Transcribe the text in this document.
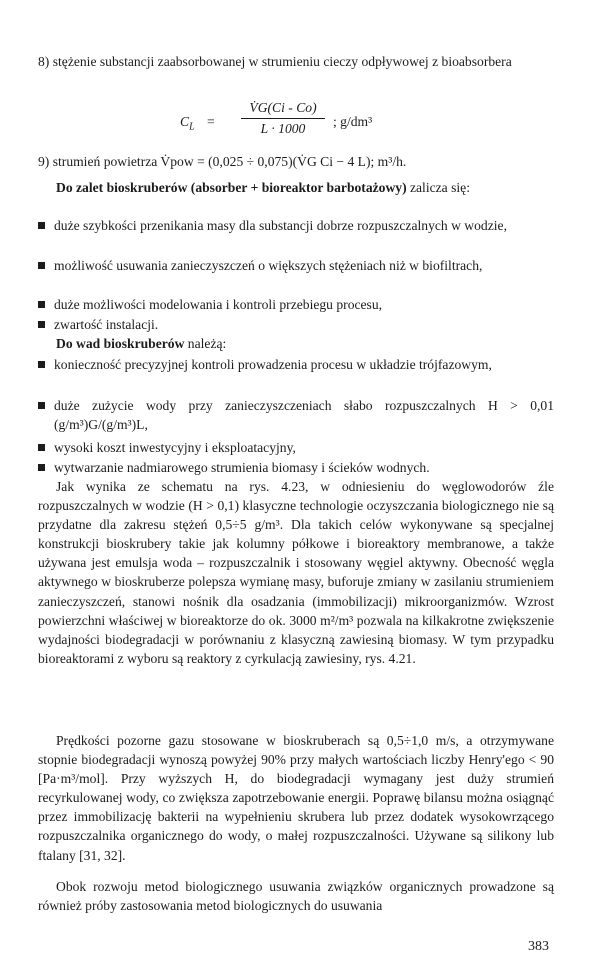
8) stężenie substancji zaabsorbowanej w strumieniu cieczy odpływowej z bioabsorbera

$C_L = \frac{V̇G(Ci - Co)}{L \cdot 1000}$ ; g/dm³

9) strumień powietrza V̇pow = (0,025 ÷ 0,075)(V̇G Ci − 4 L); m³/h.

Do zalet bioskruberów (absorber + bioreaktor barbotażowy) zalicza się:

duże szybkości przenikania masy dla substancji dobrze rozpuszczalnych w wodzie,
możliwość usuwania zanieczyszczeń o większych stężeniach niż w biofiltrach,
duże możliwości modelowania i kontroli przebiegu procesu,
zwartość instalacji.

Do wad bioskruberów należą:

konieczność precyzyjnej kontroli prowadzenia procesu w układzie trójfazowym,
duże zużycie wody przy zanieczyszczeniach słabo rozpuszczalnych H > 0,01 (g/m³)G/(g/m³)L,
wysoki koszt inwestycyjny i eksploatacyjny,
wytwarzanie nadmiarowego strumienia biomasy i ścieków wodnych.

Jak wynika ze schematu na rys. 4.23, w odniesieniu do węglowodorów źle rozpuszczalnych w wodzie (H > 0,1) klasyczne technologie oczyszczania biologicznego nie są przydatne dla zakresu stężeń 0,5÷5 g/m³. Dla takich celów wykonywane są specjalnej konstrukcji bioskrubery takie jak kolumny półkowe i bioreaktory membranowe, a także używana jest emulsja woda – rozpuszczalnik i stosowany węgiel aktywny. Obecność węgla aktywnego w bioskruberze polepsza wymianę masy, buforuje zmiany w zasilaniu strumieniem zanieczyszczeń, stanowi nośnik dla osadzania (immobilizacji) mikroorganizmów. Wzrost powierzchni właściwej w bioreaktorze do ok. 3000 m²/m³ pozwala na kilkakrotne zwiększenie wydajności biodegradacji w porównaniu z klasyczną zawiesiną biomasy. W tym przypadku bioreaktorami z wyboru są reaktory z cyrkulacją zawiesiny, rys. 4.21.

Prędkości pozorne gazu stosowane w bioskruberach są 0,5÷1,0 m/s, a otrzymywane stopnie biodegradacji wynoszą powyżej 90% przy małych wartościach liczby Henry'ego < 90 [Pa·m³/mol]. Przy wyższych H, do biodegradacji wymagany jest duży strumień recyrkulowanej wody, co zwiększa zapotrzebowanie energii. Poprawę bilansu można osiągnąć przez immobilizację bakterii na wypełnieniu skrubera lub przez dodatek wysokowrzącego rozpuszczalnika organicznego do wody, o małej rozpuszczalności. Używane są silikony lub ftalany [31, 32].

Obok rozwoju metod biologicznego usuwania związków organicznych prowadzone są również próby zastosowania metod biologicznych do usuwania

383
